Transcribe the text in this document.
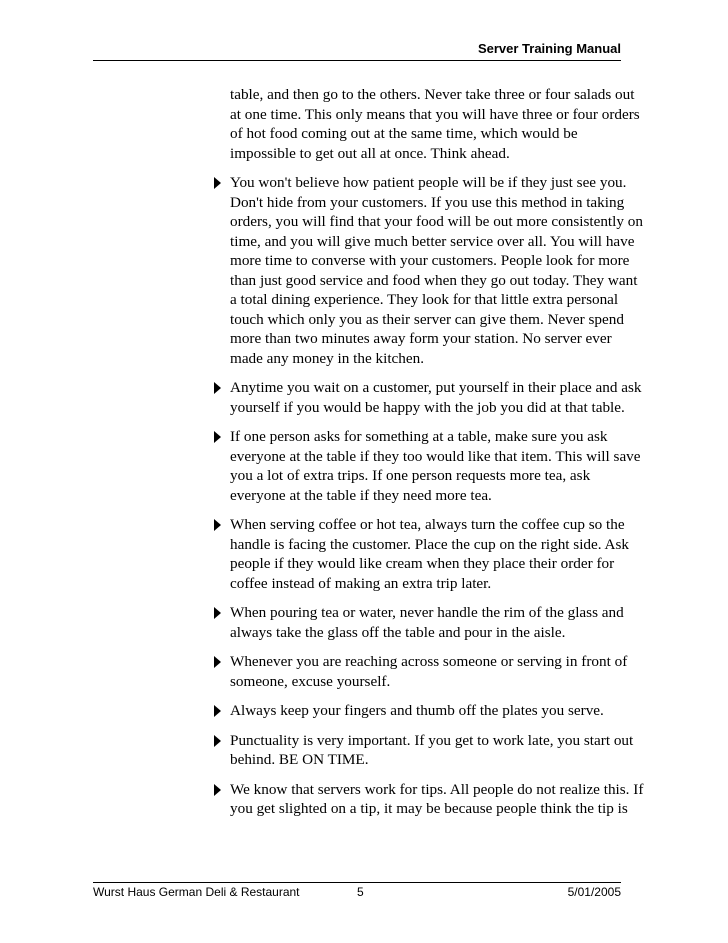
Server Training Manual
table, and then go to the others. Never take three or four salads out
at one time. This only means that you will have three or four orders
of hot food coming out at the same time, which would be
impossible to get out all at once. Think ahead.
You won't believe how patient people will be if they just see you.
Don't hide from your customers. If you use this method in taking
orders, you will find that your food will be out more consistently on
time, and you will give much better service over all. You will have
more time to converse with your customers. People look for more
than just good service and food when they go out today. They want
a total dining experience. They look for that little extra personal
touch which only you as their server can give them. Never spend
more than two minutes away form your station. No server ever
made any money in the kitchen.
Anytime you wait on a customer, put yourself in their place and ask
yourself if you would be happy with the job you did at that table.
If one person asks for something at a table, make sure you ask
everyone at the table if they too would like that item. This will save
you a lot of extra trips. If one person requests more tea, ask
everyone at the table if they need more tea.
When serving coffee or hot tea, always turn the coffee cup so the
handle is facing the customer. Place the cup on the right side. Ask
people if they would like cream when they place their order for
coffee instead of making an extra trip later.
When pouring tea or water, never handle the rim of the glass and
always take the glass off the table and pour in the aisle.
Whenever you are reaching across someone or serving in front of
someone, excuse yourself.
Always keep your fingers and thumb off the plates you serve.
Punctuality is very important. If you get to work late, you start out
behind. BE ON TIME.
We know that servers work for tips. All people do not realize this. If
you get slighted on a tip, it may be because people think the tip is
Wurst Haus German Deli & Restaurant	5	5/01/2005
